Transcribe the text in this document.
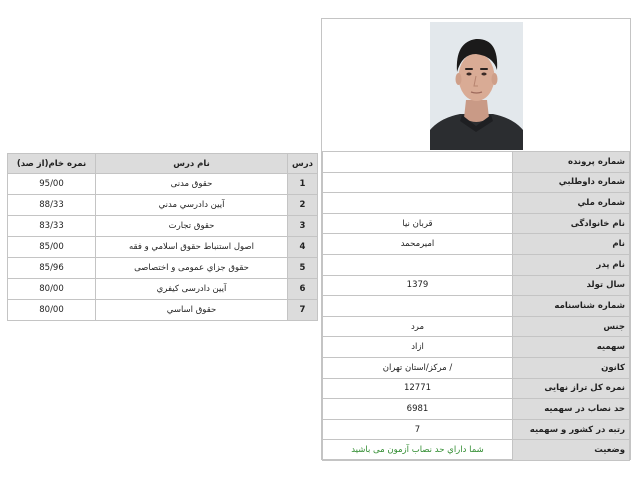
درس	نام درس	نمره خام(از صد)
1	حقوق مدنی	95/00
2	آیین دادرسي مدني	88/33
3	حقوق تجارت	83/33
4	اصول استنباط حقوق اسلامي و فقه	85/00
5	حقوق جزاي عمومی و اختصاصی	85/96
6	آیین دادرسی کیفري	80/00
7	حقوق اساسي	80/00
شماره پرونده	
شماره داوطلبي	
شماره ملي	
نام خانوادگی	قربان نیا
نام	امیرمحمد
نام پدر	
سال تولد	1379
شماره شناسنامه	
جنس	مرد
سهمیه	ازاد
کانون	/ مرکز/استان تهران
نمره کل تراز نهایی	12771
حد نصاب در سهمیه	6981
رتبه در کشور و سهمیه	7
وضعیت	شما داراي حد نصاب آزمون می باشید
